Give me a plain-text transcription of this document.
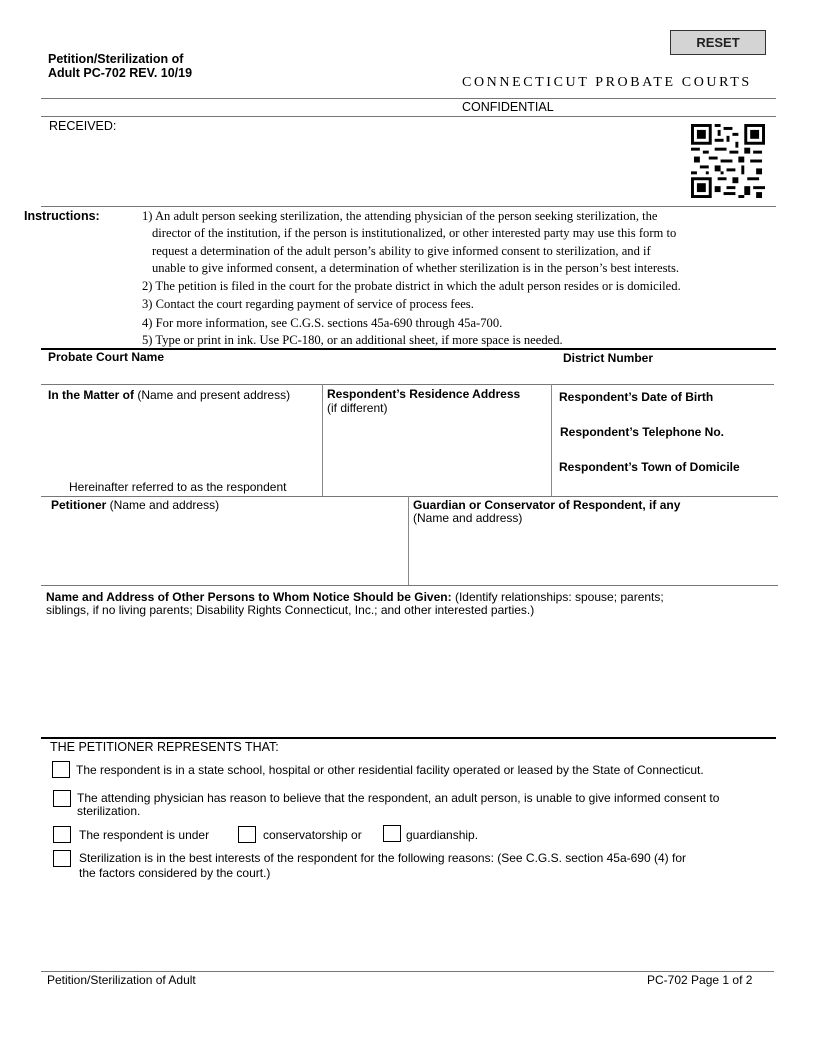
Petition/Sterilization of
Adult PC-702 REV. 10/19
RESET
CONNECTICUT PROBATE COURTS
CONFIDENTIAL
RECEIVED:
Instructions:	1) An adult person seeking sterilization, the attending physician of the person seeking sterilization, the
director of the institution, if the person is institutionalized, or other interested party may use this form to
request a determination of the adult person’s ability to give informed consent to sterilization, and if
unable to give informed consent, a determination of whether sterilization is in the person’s best interests.
2) The petition is filed in the court for the probate district in which the adult person resides or is domiciled.
3) Contact the court regarding payment of service of process fees.
4) For more information, see C.G.S. sections 45a-690 through 45a-700.
5) Type or print in ink. Use PC-180, or an additional sheet, if more space is needed.
Probate Court Name	District Number
In the Matter of (Name and present address)
Hereinafter referred to as the respondent
Respondent’s Residence Address
(if different)
Respondent’s Date of Birth
Respondent’s Telephone No.
Respondent’s Town of Domicile
Petitioner (Name and address)	Guardian or Conservator of Respondent, if any
(Name and address)
Name and Address of Other Persons to Whom Notice Should be Given: (Identify relationships: spouse; parents;
siblings, if no living parents; Disability Rights Connecticut, Inc.; and other interested parties.)
THE PETITIONER REPRESENTS THAT:
The respondent is in a state school, hospital or other residential facility operated or leased by the State of Connecticut.
The attending physician has reason to believe that the respondent, an adult person, is unable to give informed consent to
sterilization.
The respondent is under	conservatorship or	guardianship.
Sterilization is in the best interests of the respondent for the following reasons: (See C.G.S. section 45a-690 (4) for
the factors considered by the court.)
Petition/Sterilization of Adult	PC-702 Page 1 of 2
